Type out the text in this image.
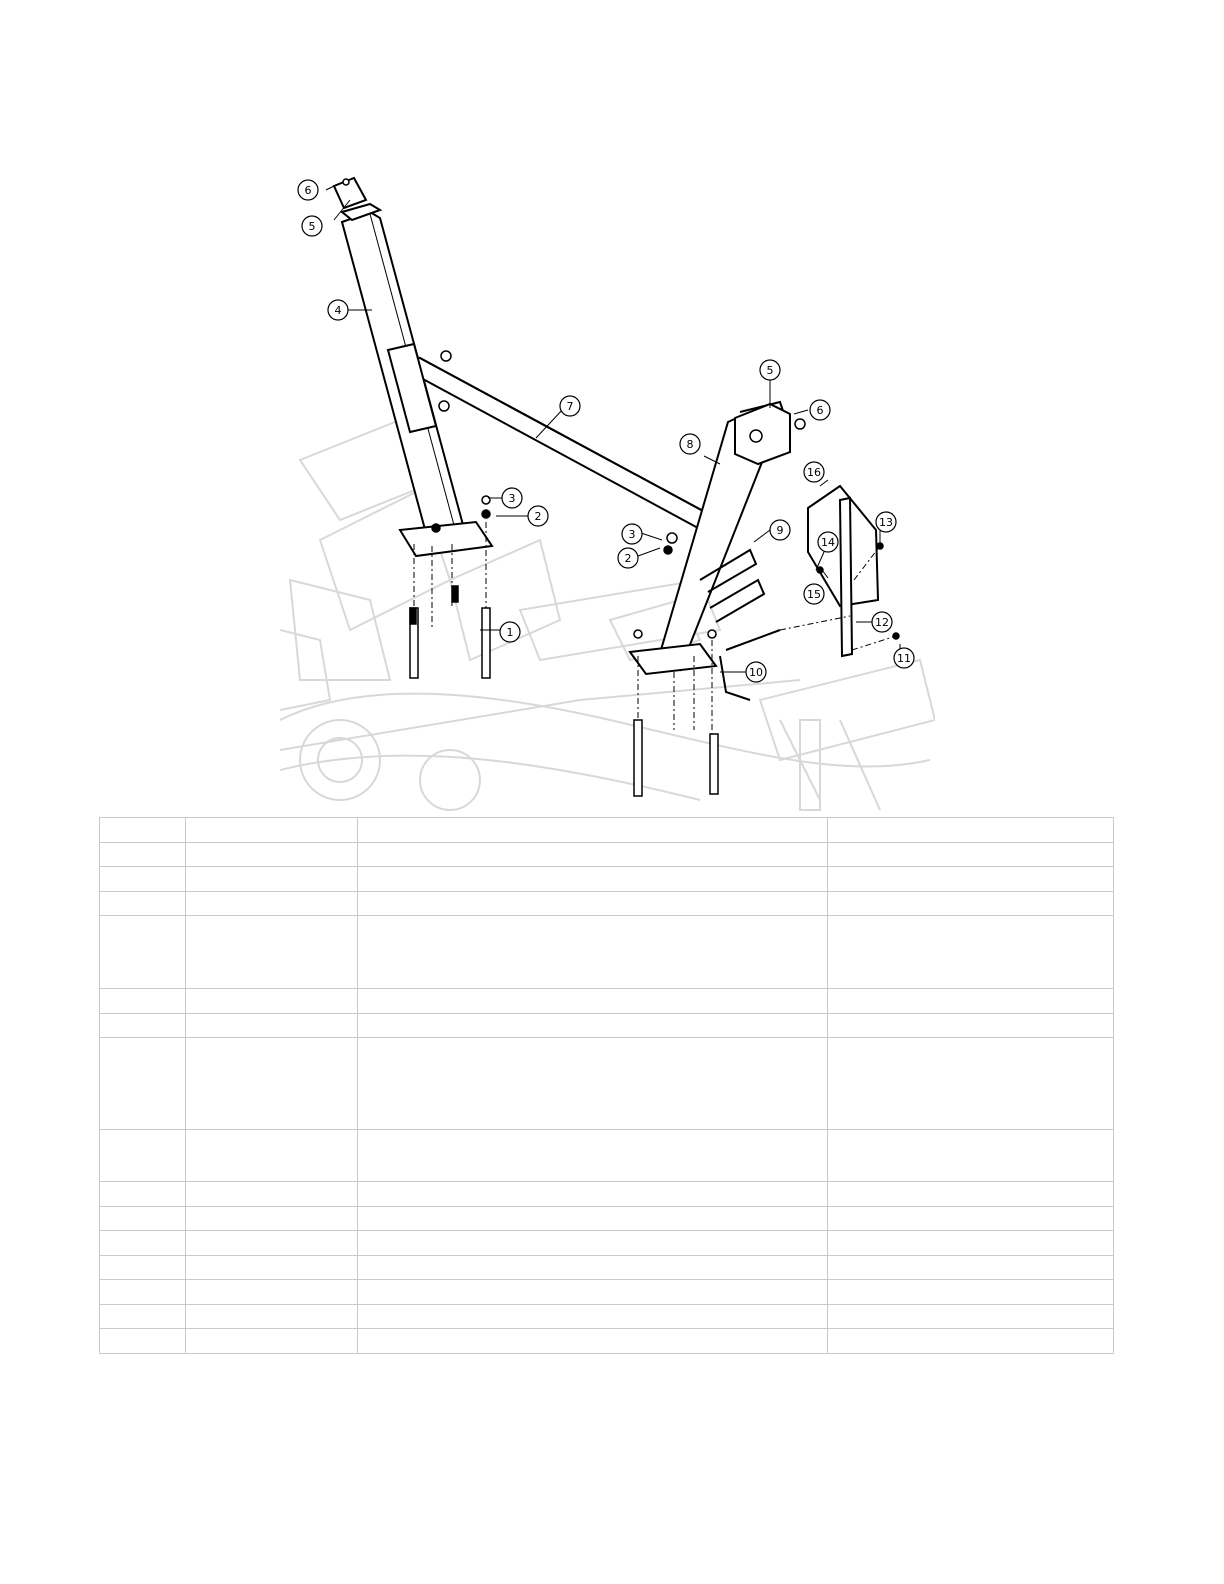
1
2
3
4
5
6
7
8
9
10
11
12
13
14
15
16
6
5
3
2
